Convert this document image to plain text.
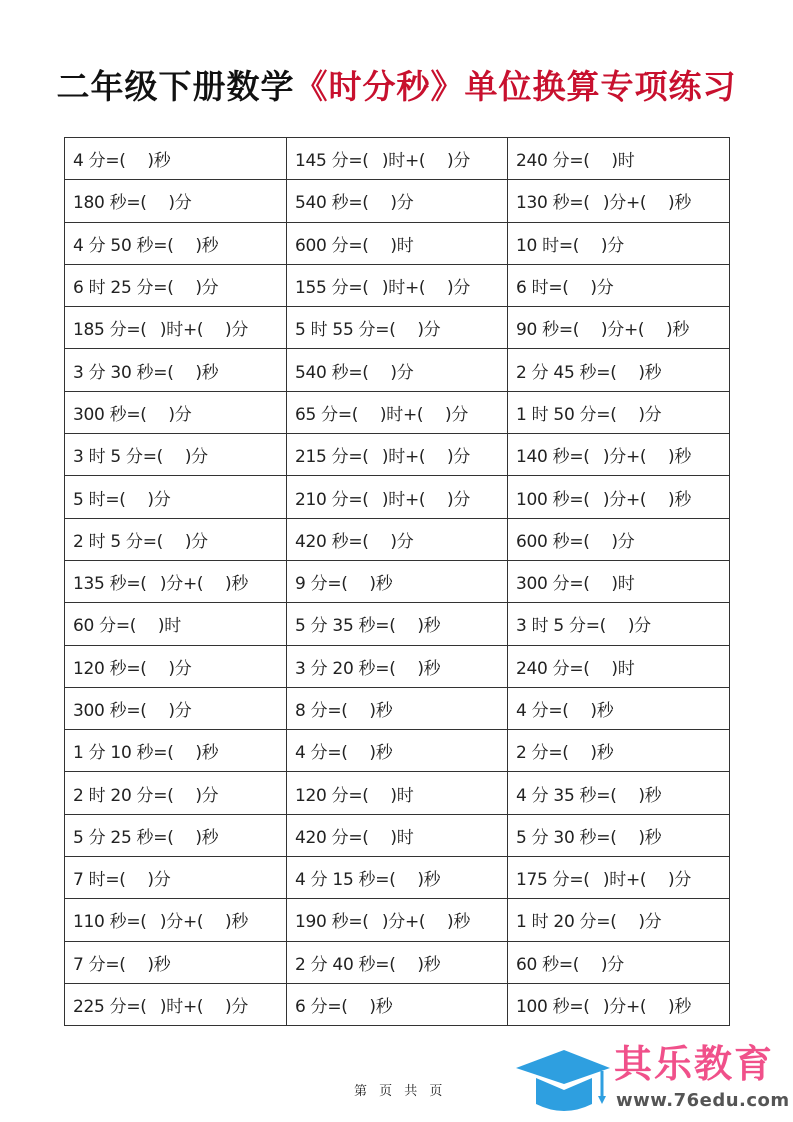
二年级下册数学《时分秒》单位换算专项练习
4 分=(  )秒	145 分=(  )时+(  )分	240 分=(  )时
180 秒=(  )分	540 秒=(  )分	130 秒=(  )分+(  )秒
4 分 50 秒=(  )秒	600 分=(  )时	10 时=(  )分
6 时 25 分=(  )分	155 分=(  )时+(  )分	6 时=(  )分
185 分=(  )时+(  )分	5 时 55 分=(  )分	90 秒=(  )分+(  )秒
3 分 30 秒=(  )秒	540 秒=(  )分	2 分 45 秒=(  )秒
300 秒=(  )分	65 分=(  )时+(  )分	1 时 50 分=(  )分
3 时 5 分=(  )分	215 分=(  )时+(  )分	140 秒=(  )分+(  )秒
5 时=(  )分	210 分=(  )时+(  )分	100 秒=(  )分+(  )秒
2 时 5 分=(  )分	420 秒=(  )分	600 秒=(  )分
135 秒=(  )分+(  )秒	9 分=(  )秒	300 分=(  )时
60 分=(  )时	5 分 35 秒=(  )秒	3 时 5 分=(  )分
120 秒=(  )分	3 分 20 秒=(  )秒	240 分=(  )时
300 秒=(  )分	8 分=(  )秒	4 分=(  )秒
1 分 10 秒=(  )秒	4 分=(  )秒	2 分=(  )秒
2 时 20 分=(  )分	120 分=(  )时	4 分 35 秒=(  )秒
5 分 25 秒=(  )秒	420 分=(  )时	5 分 30 秒=(  )秒
7 时=(  )分	4 分 15 秒=(  )秒	175 分=(  )时+(  )分
110 秒=(  )分+(  )秒	190 秒=(  )分+(  )秒	1 时 20 分=(  )分
7 分=(  )秒	2 分 40 秒=(  )秒	60 秒=(  )分
225 分=(  )时+(  )分	6 分=(  )秒	100 秒=(  )分+(  )秒
第 页 共 页
其乐教育
www.76edu.com
